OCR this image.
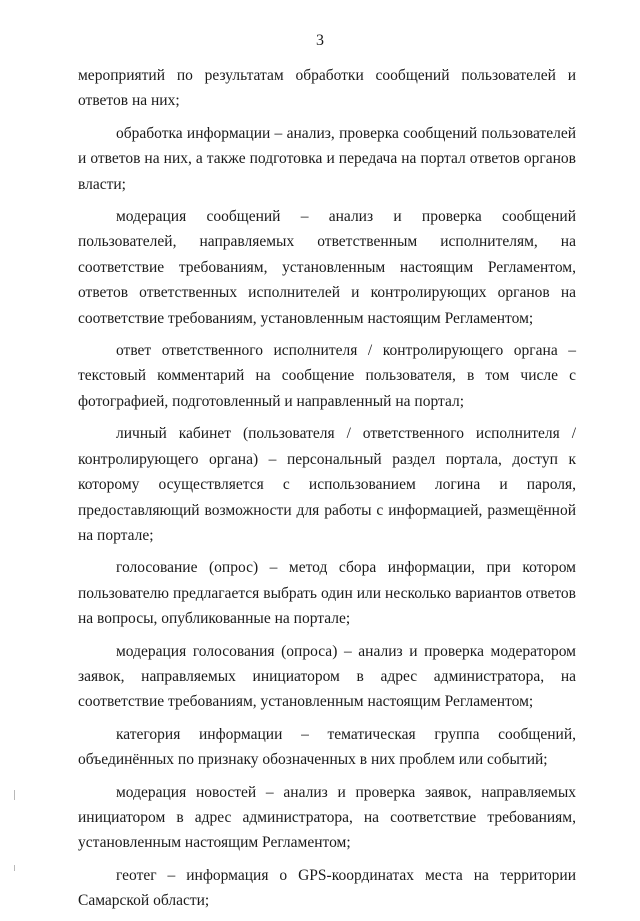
3

мероприятий по результатам обработки сообщений пользователей и ответов на них;

обработка информации – анализ, проверка сообщений пользователей и ответов на них, а также подготовка и передача на портал ответов органов власти;

модерация сообщений – анализ и проверка сообщений пользователей, направляемых ответственным исполнителям, на соответствие требованиям, установленным настоящим Регламентом, ответов ответственных исполнителей и контролирующих органов на соответствие требованиям, установленным настоящим Регламентом;

ответ ответственного исполнителя / контролирующего органа – текстовый комментарий на сообщение пользователя, в том числе с фотографией, подготовленный и направленный на портал;

личный кабинет (пользователя / ответственного исполнителя / контролирующего органа) – персональный раздел портала, доступ к которому осуществляется с использованием логина и пароля, предоставляющий возможности для работы с информацией, размещённой на портале;

голосование (опрос) – метод сбора информации, при котором пользователю предлагается выбрать один или несколько вариантов ответов на вопросы, опубликованные на портале;

модерация голосования (опроса) – анализ и проверка модератором заявок, направляемых инициатором в адрес администратора, на соответствие требованиям, установленным настоящим Регламентом;

категория информации – тематическая группа сообщений, объединённых по признаку обозначенных в них проблем или событий;

модерация новостей – анализ и проверка заявок, направляемых инициатором в адрес администратора, на соответствие требованиям, установленным настоящим Регламентом;

геотег – информация о GPS-координатах места на территории Самарской области;
